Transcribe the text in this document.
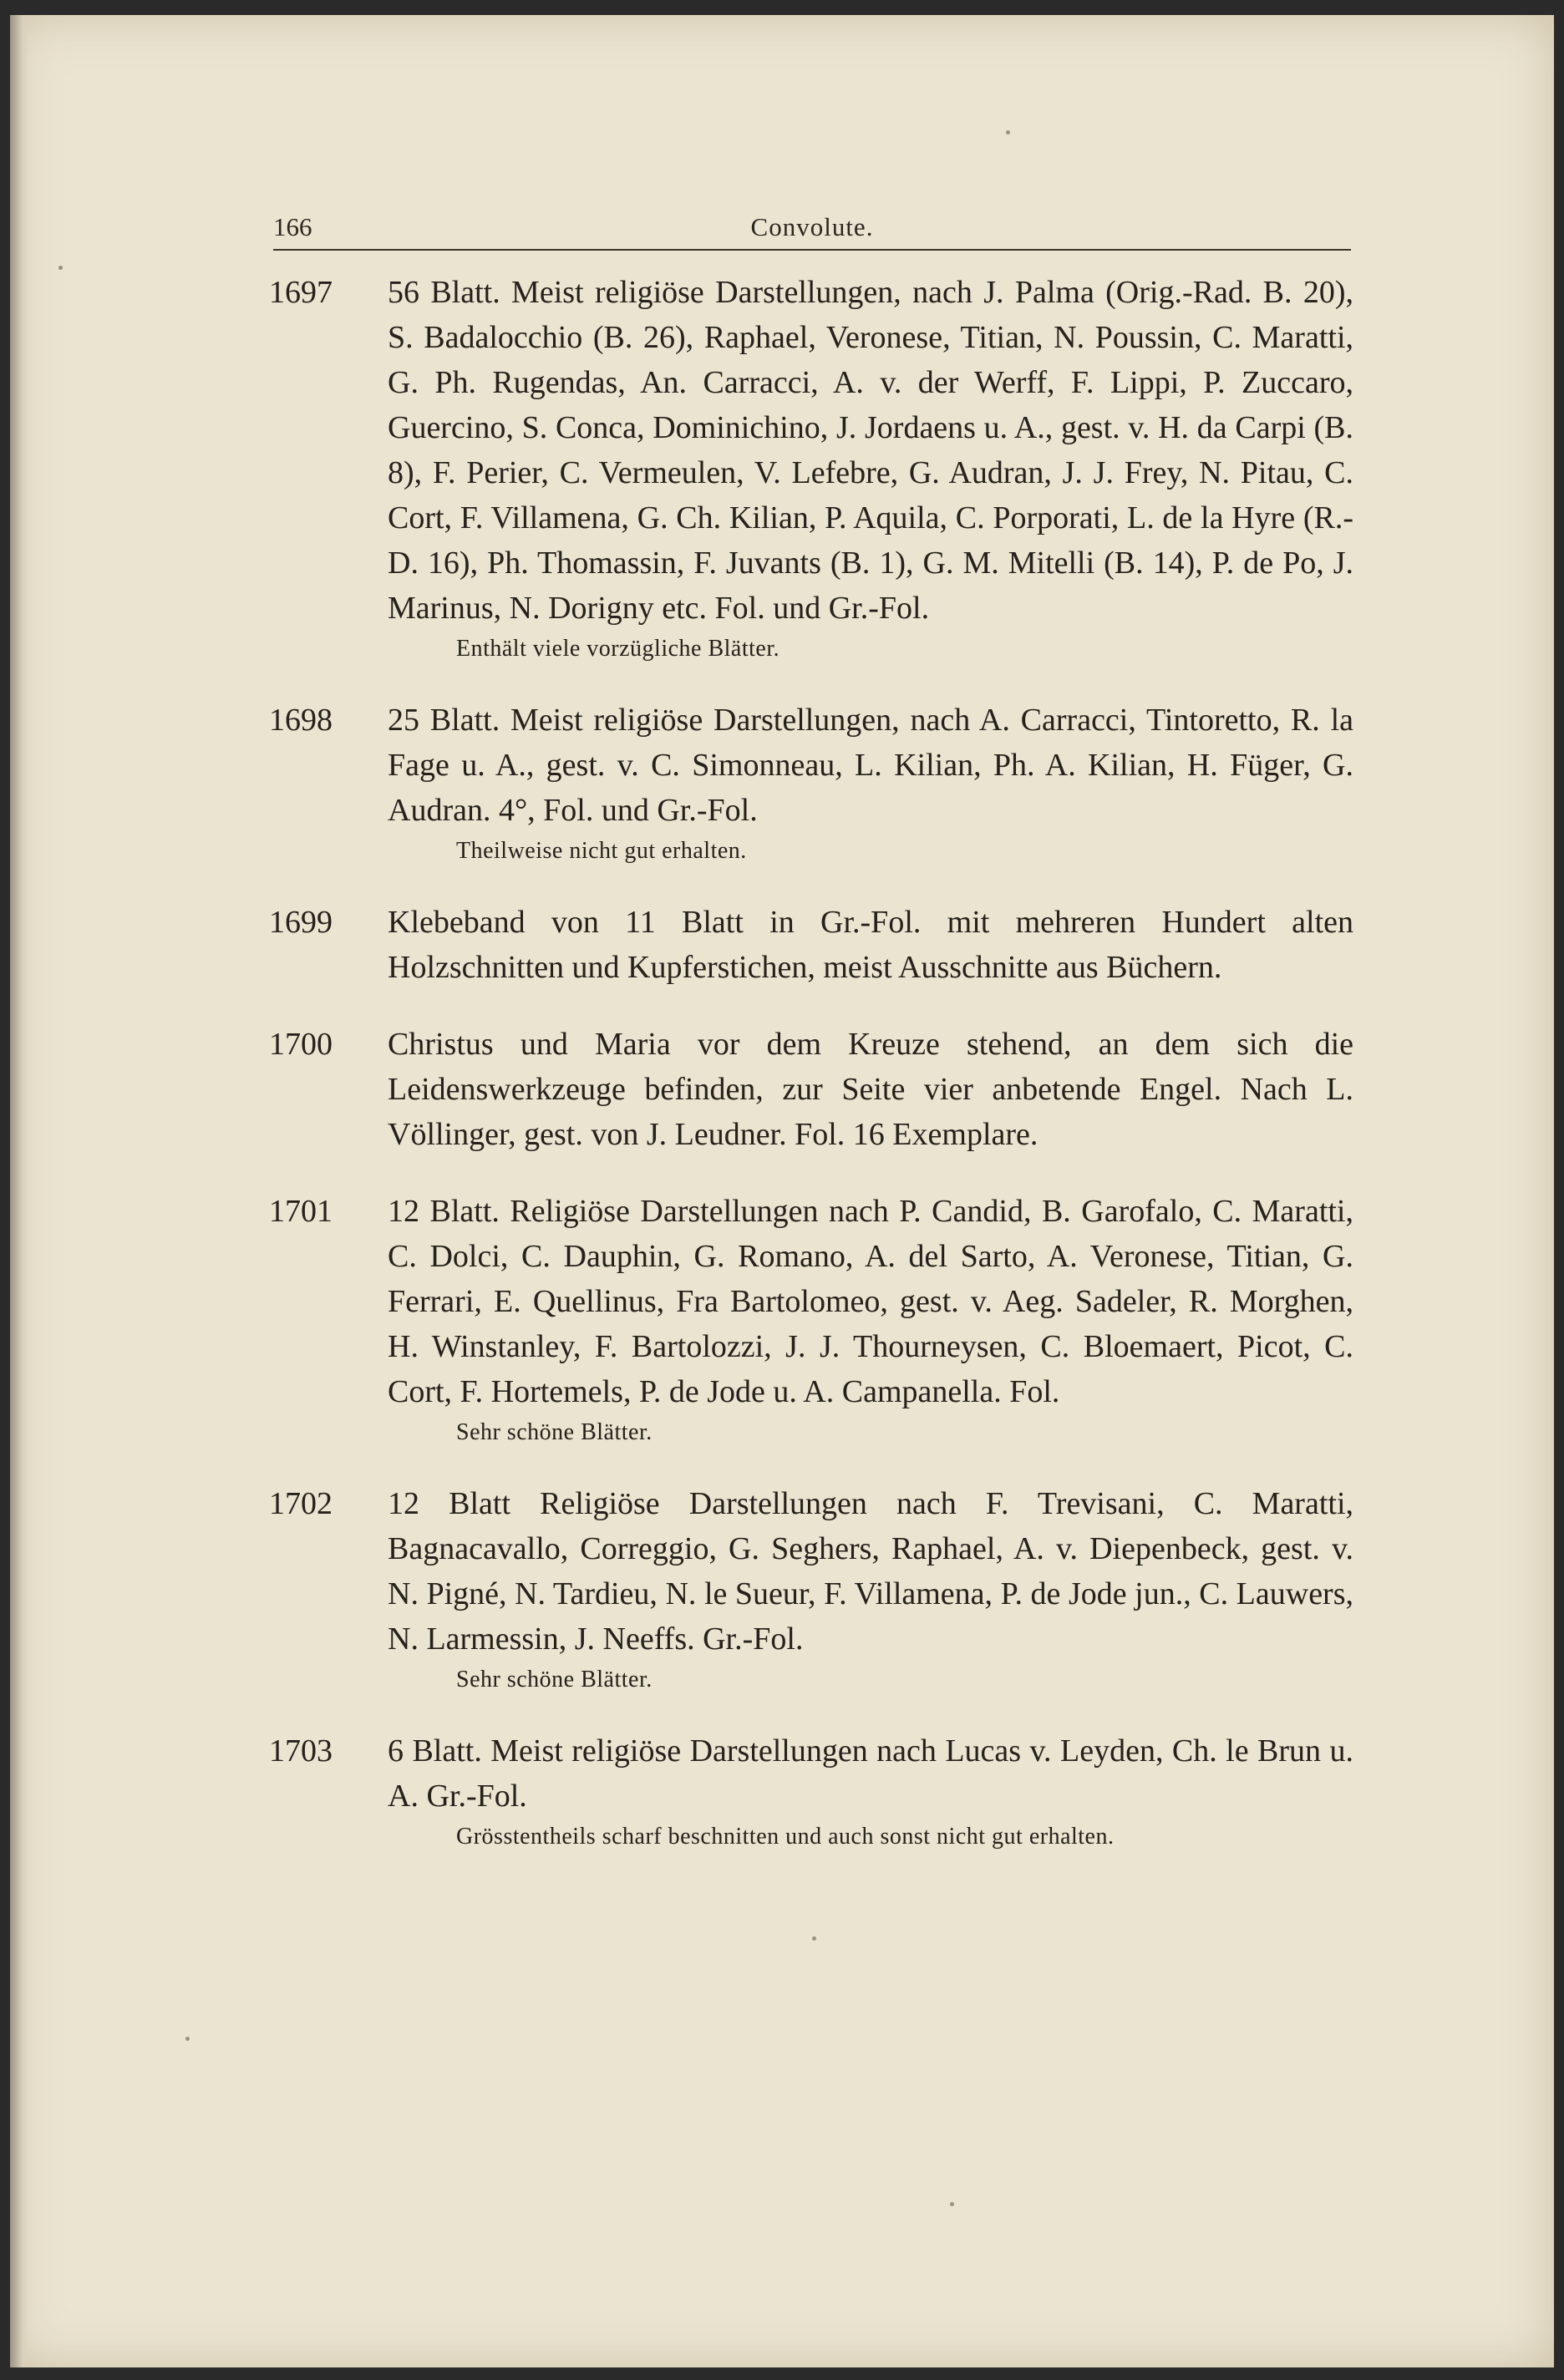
166	Convolute.
1697 56 Blatt. Meist religiöse Darstellungen, nach J. Palma (Orig.-Rad. B. 20), S. Badalocchio (B. 26), Raphael, Veronese, Titian, N. Poussin, C. Maratti, G. Ph. Rugendas, An. Carracci, A. v. der Werff, F. Lippi, P. Zuccaro, Guercino, S. Conca, Dominichino, J. Jordaens u. A., gest. v. H. da Carpi (B. 8), F. Perier, C. Vermeulen, V. Lefebre, G. Audran, J. J. Frey, N. Pitau, C. Cort, F. Villamena, G. Ch. Kilian, P. Aquila, C. Porporati, L. de la Hyre (R.-D. 16), Ph. Thomassin, F. Juvants (B. 1), G. M. Mitelli (B. 14), P. de Po, J. Marinus, N. Dorigny etc. Fol. und Gr.-Fol.

Enthält viele vorzügliche Blätter.
1698 25 Blatt. Meist religiöse Darstellungen, nach A. Carracci, Tintoretto, R. la Fage u. A., gest. v. C. Simonneau, L. Kilian, Ph. A. Kilian, H. Füger, G. Audran. 4°, Fol. und Gr.-Fol.

Theilweise nicht gut erhalten.
1699 Klebeband von 11 Blatt in Gr.-Fol. mit mehreren Hundert alten Holzschnitten und Kupferstichen, meist Ausschnitte aus Büchern.

1700 Christus und Maria vor dem Kreuze stehend, an dem sich die Leidenswerkzeuge befinden, zur Seite vier anbetende Engel. Nach L. Völlinger, gest. von J. Leudner. Fol. 16 Exemplare.

1701 12 Blatt. Religiöse Darstellungen nach P. Candid, B. Garofalo, C. Maratti, C. Dolci, C. Dauphin, G. Romano, A. del Sarto, A. Veronese, Titian, G. Ferrari, E. Quellinus, Fra Bartolomeo, gest. v. Aeg. Sadeler, R. Morghen, H. Winstanley, F. Bartolozzi, J. J. Thourneysen, C. Bloemaert, Picot, C. Cort, F. Hortemels, P. de Jode u. A. Campanella. Fol.

Sehr schöne Blätter.
1702 12 Blatt Religiöse Darstellungen nach F. Trevisani, C. Maratti, Bagnacavallo, Correggio, G. Seghers, Raphael, A. v. Diepenbeck, gest. v. N. Pigné, N. Tardieu, N. le Sueur, F. Villamena, P. de Jode jun., C. Lauwers, N. Larmessin, J. Neeffs. Gr.-Fol.

Sehr schöne Blätter.
1703 6 Blatt. Meist religiöse Darstellungen nach Lucas v. Leyden, Ch. le Brun u. A. Gr.-Fol.

Grösstentheils scharf beschnitten und auch sonst nicht gut erhalten.
